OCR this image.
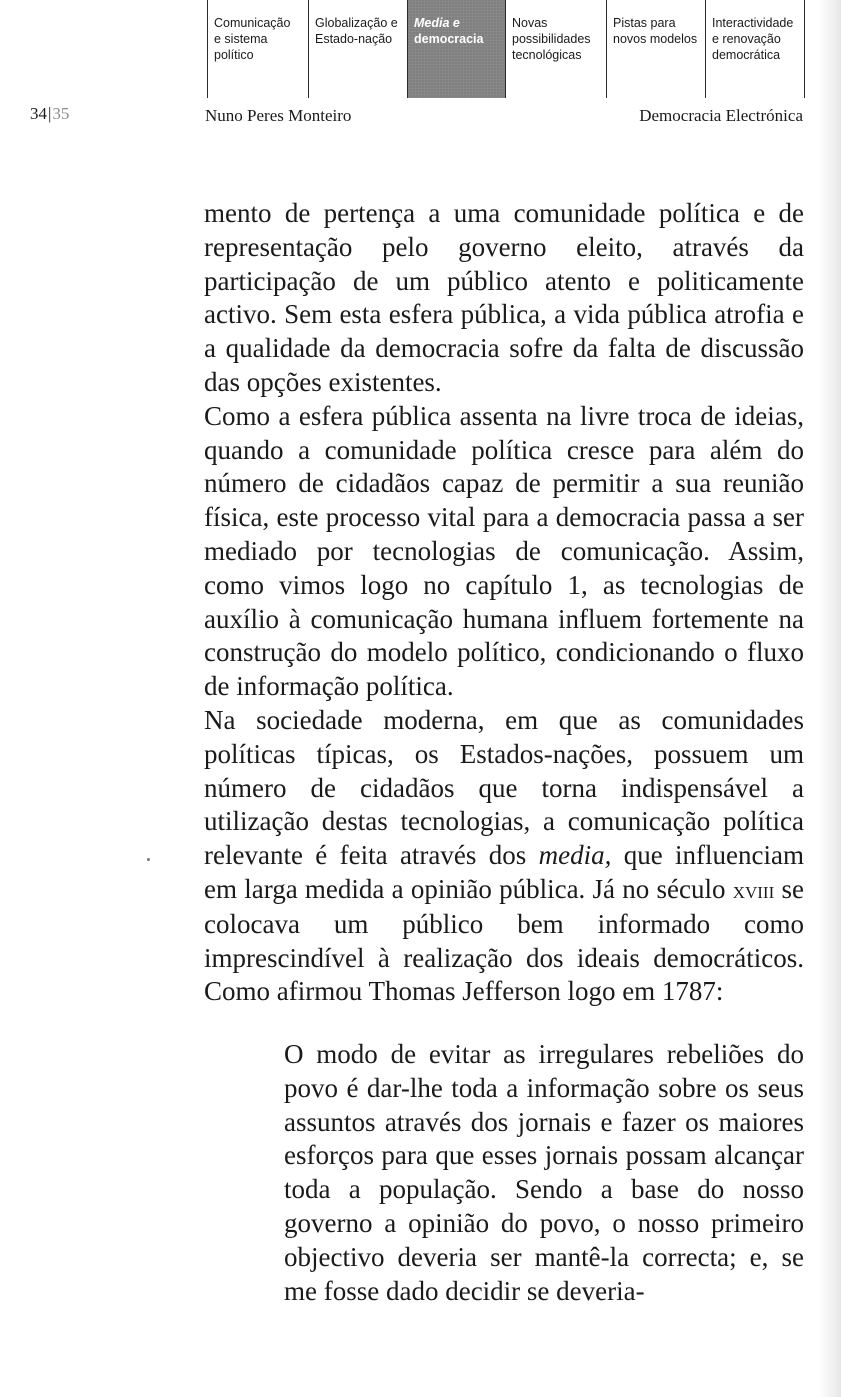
Comunicação
e sistema
político
Globalização e
Estado-nação
Media e
democracia
Novas
possibilidades
tecnológicas
Pistas para
novos modelos
Interactividade
e renovação
democrática
34|35	Nuno Peres Monteiro	Democracia Electrónica

mento de pertença a uma comunidade política e de representação pelo governo eleito, através da participação de um público atento e politicamente activo. Sem esta esfera pública, a vida pública atrofia e a qualidade da democracia sofre da falta de discussão das opções existentes.

Como a esfera pública assenta na livre troca de ideias, quando a comunidade política cresce para além do número de cidadãos capaz de permitir a sua reunião física, este processo vital para a democracia passa a ser mediado por tecnologias de comunicação. Assim, como vimos logo no capítulo 1, as tecnologias de auxílio à comunicação humana influem fortemente na construção do modelo político, condicionando o fluxo de informação política.

Na sociedade moderna, em que as comunidades políticas típicas, os Estados-nações, possuem um número de cidadãos que torna indispensável a utilização destas tecnologias, a comunicação política relevante é feita através dos media, que influenciam em larga medida a opinião pública. Já no século xviii se colocava um público bem informado como imprescindível à realização dos ideais democráticos. Como afirmou Thomas Jefferson logo em 1787:

O modo de evitar as irregulares rebeliões do povo é dar-lhe toda a informação sobre os seus assuntos através dos jornais e fazer os maiores esforços para que esses jornais possam alcançar toda a população. Sendo a base do nosso governo a opinião do povo, o nosso primeiro objectivo deveria ser mantê-la correcta; e, se me fosse dado decidir se deveria-
